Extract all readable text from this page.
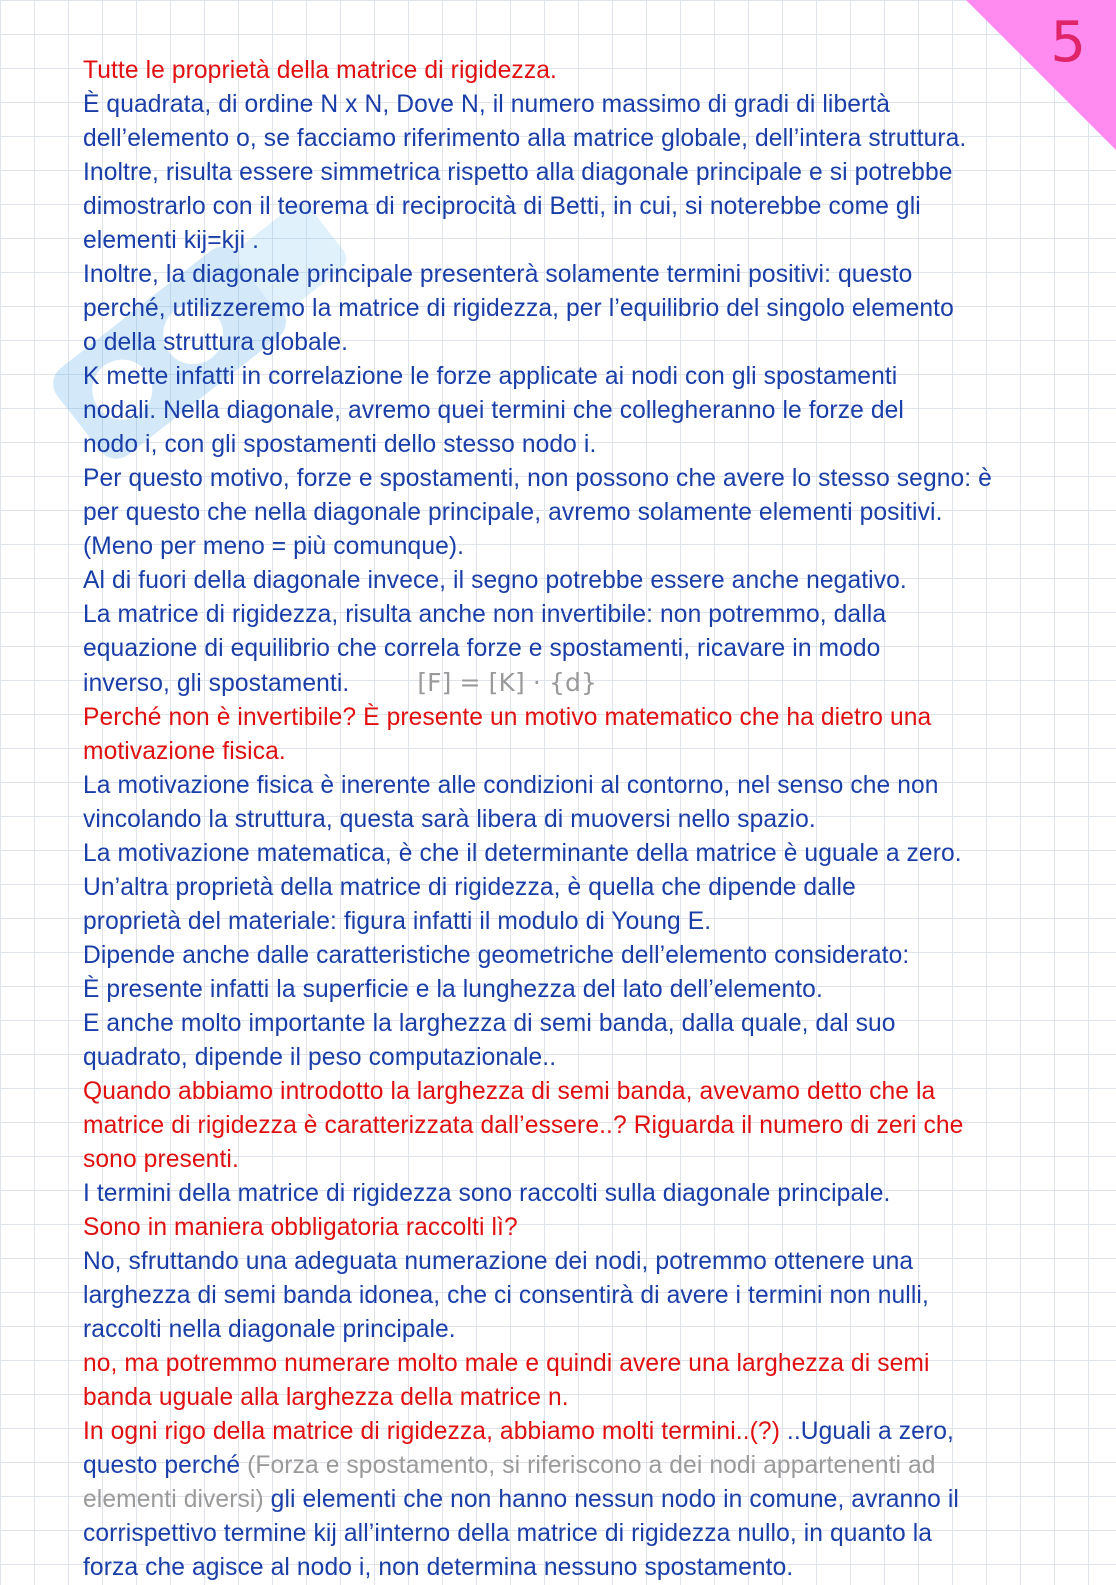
5
Tutte le proprietà della matrice di rigidezza.
È quadrata, di ordine N x N, Dove N, il numero massimo di gradi di libertà
dell’elemento o, se facciamo riferimento alla matrice globale, dell’intera struttura.
Inoltre, risulta essere simmetrica rispetto alla diagonale principale e si potrebbe
dimostrarlo con il teorema di reciprocità di Betti, in cui, si noterebbe come gli
elementi kij=kji .
Inoltre, la diagonale principale presenterà solamente termini positivi: questo
perché, utilizzeremo la matrice di rigidezza, per l’equilibrio del singolo elemento
o della struttura globale.
K mette infatti in correlazione le forze applicate ai nodi con gli spostamenti
nodali. Nella diagonale, avremo quei termini che collegheranno le forze del
nodo i, con gli spostamenti dello stesso nodo i.
Per questo motivo, forze e spostamenti, non possono che avere lo stesso segno: è
per questo che nella diagonale principale, avremo solamente elementi positivi.
(Meno per meno = più comunque).
Al di fuori della diagonale invece, il segno potrebbe essere anche negativo.
La matrice di rigidezza, risulta anche non invertibile: non potremmo, dalla
equazione di equilibrio che correla forze e spostamenti, ricavare in modo
inverso, gli spostamenti.	[F] = [K] · {d}
Perché non è invertibile? È presente un motivo matematico che ha dietro una
motivazione fisica.
La motivazione fisica è inerente alle condizioni al contorno, nel senso che non
vincolando la struttura, questa sarà libera di muoversi nello spazio.
La motivazione matematica, è che il determinante della matrice è uguale a zero.
Un’altra proprietà della matrice di rigidezza, è quella che dipende dalle
proprietà del materiale: figura infatti il modulo di Young E.
Dipende anche dalle caratteristiche geometriche dell’elemento considerato:
È presente infatti la superficie e la lunghezza del lato dell’elemento.
E anche molto importante la larghezza di semi banda, dalla quale, dal suo
quadrato, dipende il peso computazionale..
Quando abbiamo introdotto la larghezza di semi banda, avevamo detto che la
matrice di rigidezza è caratterizzata dall’essere..? Riguarda il numero di zeri che
sono presenti.
I termini della matrice di rigidezza sono raccolti sulla diagonale principale.
Sono in maniera obbligatoria raccolti lì?
No, sfruttando una adeguata numerazione dei nodi, potremmo ottenere una
larghezza di semi banda idonea, che ci consentirà di avere i termini non nulli,
raccolti nella diagonale principale.
no, ma potremmo numerare molto male e quindi avere una larghezza di semi
banda uguale alla larghezza della matrice n.
In ogni rigo della matrice di rigidezza, abbiamo molti termini..(?) ..Uguali a zero,
questo perché (Forza e spostamento, si riferiscono a dei nodi appartenenti ad
elementi diversi) gli elementi che non hanno nessun nodo in comune, avranno il
corrispettivo termine kij all’interno della matrice di rigidezza nullo, in quanto la
forza che agisce al nodo i, non determina nessuno spostamento.
